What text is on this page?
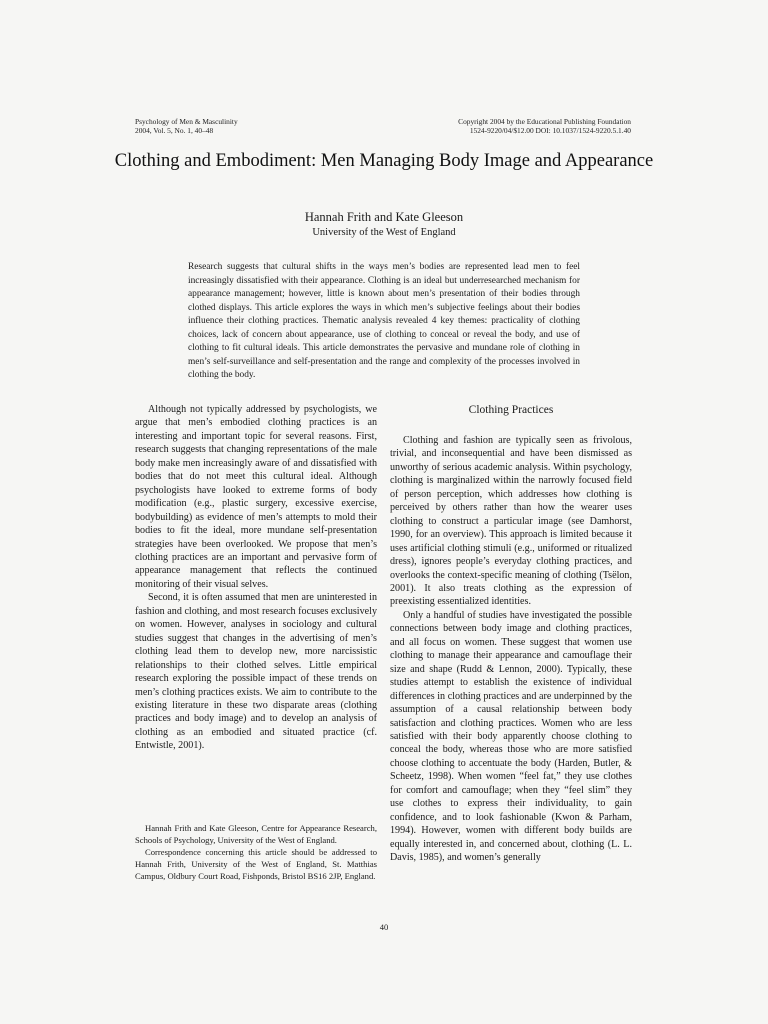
Psychology of Men & Masculinity
2004, Vol. 5, No. 1, 40–48
Copyright 2004 by the Educational Publishing Foundation
1524-9220/04/$12.00 DOI: 10.1037/1524-9220.5.1.40
Clothing and Embodiment: Men Managing Body Image and Appearance
Hannah Frith and Kate Gleeson
University of the West of England

Research suggests that cultural shifts in the ways men’s bodies are represented lead men to feel increasingly dissatisfied with their appearance. Clothing is an ideal but underresearched mechanism for appearance management; however, little is known about men’s presentation of their bodies through clothed displays. This article explores the ways in which men’s subjective feelings about their bodies influence their clothing practices. Thematic analysis revealed 4 key themes: practicality of clothing choices, lack of concern about appearance, use of clothing to conceal or reveal the body, and use of clothing to fit cultural ideals. This article demonstrates the pervasive and mundane role of clothing in men’s self-surveillance and self-presentation and the range and complexity of the processes involved in clothing the body.

Although not typically addressed by psychologists, we argue that men’s embodied clothing practices is an interesting and important topic for several reasons. First, research suggests that changing representations of the male body make men increasingly aware of and dissatisfied with bodies that do not meet this cultural ideal. Although psychologists have looked to extreme forms of body modification (e.g., plastic surgery, excessive exercise, bodybuilding) as evidence of men’s attempts to mold their bodies to fit the ideal, more mundane self-presentation strategies have been overlooked. We propose that men’s clothing practices are an important and pervasive form of appearance management that reflects the continued monitoring of their visual selves.

Second, it is often assumed that men are uninterested in fashion and clothing, and most research focuses exclusively on women. However, analyses in sociology and cultural studies suggest that changes in the advertising of men’s clothing lead them to develop new, more narcissistic relationships to their clothed selves. Little empirical research exploring the possible impact of these trends on men’s clothing practices exists. We aim to contribute to the existing literature in these two disparate areas (clothing practices and body image) and to develop an analysis of clothing as an embodied and situated practice (cf. Entwistle, 2001).

Hannah Frith and Kate Gleeson, Centre for Appearance Research, Schools of Psychology, University of the West of England.

Correspondence concerning this article should be addressed to Hannah Frith, University of the West of England, St. Matthias Campus, Oldbury Court Road, Fishponds, Bristol BS16 2JP, England.

Clothing Practices

Clothing and fashion are typically seen as frivolous, trivial, and inconsequential and have been dismissed as unworthy of serious academic analysis. Within psychology, clothing is marginalized within the narrowly focused field of person perception, which addresses how clothing is perceived by others rather than how the wearer uses clothing to construct a particular image (see Damhorst, 1990, for an overview). This approach is limited because it uses artificial clothing stimuli (e.g., uniformed or ritualized dress), ignores people’s everyday clothing practices, and overlooks the context-specific meaning of clothing (Tsëlon, 2001). It also treats clothing as the expression of preexisting essentialized identities.

Only a handful of studies have investigated the possible connections between body image and clothing practices, and all focus on women. These suggest that women use clothing to manage their appearance and camouflage their size and shape (Rudd & Lennon, 2000). Typically, these studies attempt to establish the existence of individual differences in clothing practices and are underpinned by the assumption of a causal relationship between body satisfaction and clothing practices. Women who are less satisfied with their body apparently choose clothing to conceal the body, whereas those who are more satisfied choose clothing to accentuate the body (Harden, Butler, & Scheetz, 1998). When women “feel fat,” they use clothes for comfort and camouflage; when they “feel slim” they use clothes to express their individuality, to gain confidence, and to look fashionable (Kwon & Parham, 1994). However, women with different body builds are equally interested in, and concerned about, clothing (L. L. Davis, 1985), and women’s generally

40
